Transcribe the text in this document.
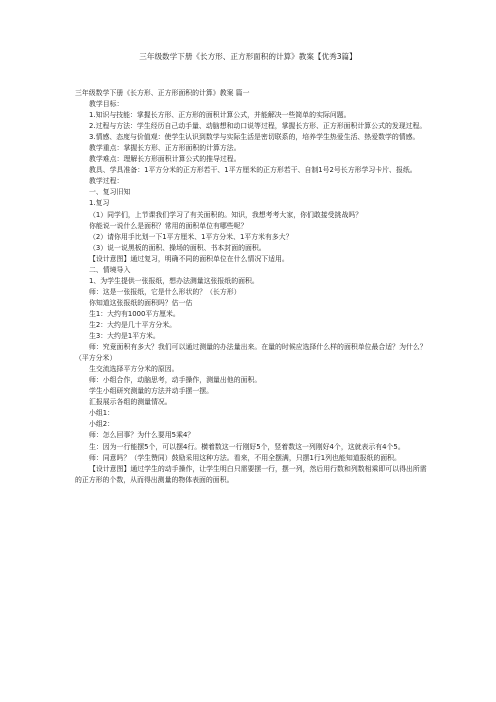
三年级数学下册《长方形、正方形面积的计算》教案【优秀3篇】

三年级数学下册《长方形、正方形面积的计算》教案 篇一

教学目标：

1.知识与技能：掌握长方形、正方形的面积计算公式，并能解决一些简单的实际问题。

2.过程与方法：学生经历自己动手量、动脑想和动口说等过程，掌握长方形、正方形面积计算公式的发现过程。

3.情感、态度与价值观：使学生认识到数学与实际生活是密切联系的，培养学生热爱生活、热爱数学的情感。

教学重点：掌握长方形、正方形面积的计算方法。

教学难点：理解长方形面积计算公式的推导过程。

教具、学具准备：1平方分米的正方形若干、1平方厘米的正方形若干、自制1号2号长方形学习卡片、报纸。

教学过程：

一、复习旧知

1.复习

（1）同学们，上节课我们学习了有关面积的。知识，我想考考大家，你们敢接受挑战吗？

你能说一说什么是面积？常用的面积单位有哪些呢？

（2）请你用手比划一下1平方厘米、1平方分米、1平方米有多大？

（3）说一说黑板的面积、操场的面积、书本封面的面积。

【设计意图】通过复习，明确不同的面积单位在什么情况下适用。

二、情境导入

1、为学生提供一张报纸，想办法测量这张报纸的面积。

师：这是一张报纸，它是什么形状的？（长方形）

你知道这张报纸的面积吗？估一估

生1：大约有1000平方厘米。

生2：大约是几十平方分米。

生3：大约是1平方米。

师：究竟面积有多大？我们可以通过测量的办法量出来。在量的时候应选择什么样的面积单位最合适？为什么？（平方分米）

生交流选择平方分米的原因。

师：小组合作，动脑思考，动手操作，测量出他的面积。

学生小组研究测量的方法并动手摆一摆。

汇报展示各组的测量情况。

小组1：

小组2：

师：怎么回事？为什么要用5乘4？

生：因为一行能摆5个，可以摆4行。横着数这一行刚好5个，竖着数这一列刚好4个，这就表示有4个5。

师：同意吗？（学生赞同）鼓励采用这种方法。看来，不用全摆满，只摆1行1列也能知道报纸的面积。

【设计意图】通过学生的动手操作，让学生明白只需要摆一行，摆一列，然后用行数和列数相乘即可以得出所需的正方形的个数，从而得出测量的物体表面的面积。
